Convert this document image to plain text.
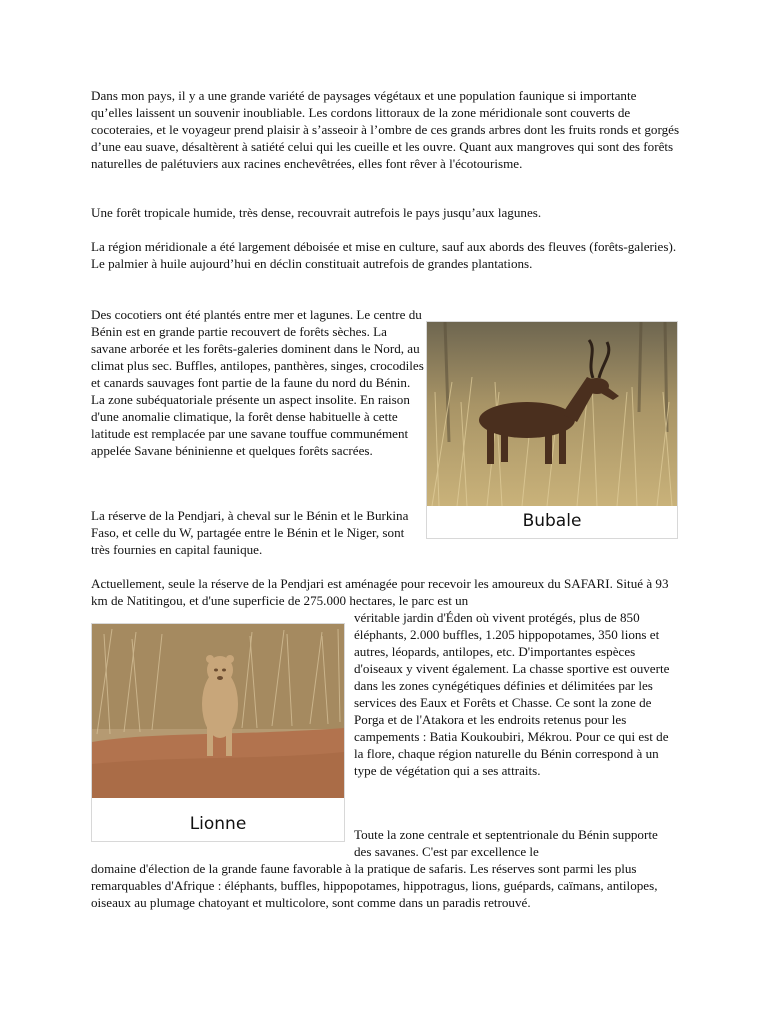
Dans mon pays, il y a une grande variété de paysages végétaux et une population faunique si importante qu’elles laissent un souvenir inoubliable. Les cordons littoraux de la zone méridionale sont couverts de cocoteraies, et le voyageur prend plaisir à s’asseoir à l’ombre de ces grands arbres dont les fruits ronds et gorgés d’une eau suave, désaltèrent à satiété celui qui les cueille et les ouvre. Quant aux mangroves qui sont des forêts naturelles de palétuviers aux racines enchevêtrées, elles font rêver à l'écotourisme.

Une forêt tropicale humide, très dense, recouvrait autrefois le pays jusqu’aux lagunes.

La région méridionale a été largement déboisée et mise en culture, sauf aux abords des fleuves (forêts-galeries). Le palmier à huile aujourd’hui en déclin constituait autrefois de grandes plantations.

Des cocotiers ont été plantés entre mer et lagunes. Le centre du Bénin est en grande partie recouvert de forêts sèches. La savane arborée et les forêts-galeries dominent dans le Nord, au climat plus sec. Buffles, antilopes, panthères, singes, crocodiles et canards sauvages font partie de la faune du nord du Bénin. La zone subéquatoriale présente un aspect insolite. En raison d'une anomalie climatique, la forêt dense habituelle à cette latitude est remplacée par une savane touffue communément appelée Savane béninienne et quelques forêts sacrées.

La réserve de la Pendjari, à cheval sur le Bénin et le Burkina Faso, et celle du W, partagée entre le Bénin et le Niger, sont très fournies en capital faunique.

Actuellement, seule la réserve de la Pendjari est aménagée pour recevoir les amoureux du SAFARI. Situé à 93 km de Natitingou, et d'une superficie de 275.000 hectares, le parc est un

véritable jardin d'Éden où vivent protégés, plus de 850 éléphants, 2.000 buffles, 1.205 hippopotames, 350 lions et autres, léopards, antilopes, etc. D'importantes espèces d'oiseaux y vivent également. La chasse sportive est ouverte dans les zones cynégétiques définies et délimitées par les services des Eaux et Forêts et Chasse. Ce sont la zone de Porga et de l'Atakora et les endroits retenus pour les campements : Batia Koukoubiri, Mékrou. Pour ce qui est de la flore, chaque région naturelle du Bénin correspond à un type de végétation qui a ses attraits.

Toute la zone centrale et septentrionale du Bénin supporte des savanes. C'est par excellence le

domaine d'élection de la grande faune favorable à la pratique de safaris. Les réserves sont parmi les plus remarquables d'Afrique : éléphants, buffles, hippopotames, hippotragus, lions, guépards, caïmans, antilopes, oiseaux au plumage chatoyant et multicolore, sont comme dans un paradis retrouvé.

Bubale
Lionne
